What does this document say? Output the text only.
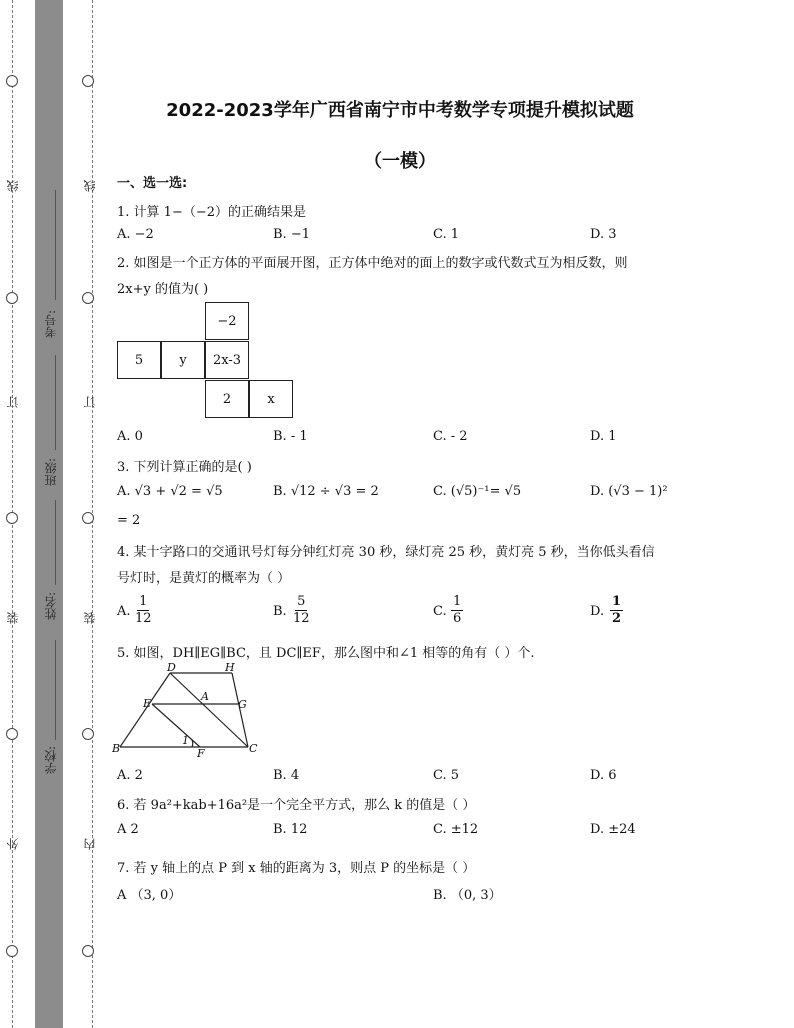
线
订
装
外
线
订
装
内
考号:
班级:
姓名:
学校:
2022-2023学年广西省南宁市中考数学专项提升模拟试题
（一模）
一、选一选:
1. 计算 1−（−2）的正确结果是
A. −2	B. −1	C. 1	D. 3
2. 如图是一个正方体的平面展开图，正方体中绝对的面上的数字或代数式互为相反数，则
2x+y 的值为( )
−2
5	y	2x-3
2	x
A. 0	B. ‐ 1	C. ‐ 2	D. 1
3. 下列计算正确的是( )
A. √3 + √2 = √5	B. √12 ÷ √3 = 2	C. (√5)⁻¹= √5	D. (√3 − 1)²
= 2
4. 某十字路口的交通讯号灯每分钟红灯亮 30 秒，绿灯亮 25 秒，黄灯亮 5 秒，当你低头看信
号灯时，是黄灯的概率为（ ）
A. $\frac{1}{12}$	B. $\frac{5}{12}$	C. $\frac{1}{6}$	D. $\frac{1}{2}$
5. 如图，DH∥EG∥BC，且 DC∥EF，那么图中和∠1 相等的角有（ ）个.
D	H
E
A
G
B
1
F	C
A. 2	B. 4	C. 5	D. 6
6. 若 9a²+kab+16a²是一个完全平方式，那么 k 的值是（ ）
A 2	B. 12	C. ±12	D. ±24
7. 若 y 轴上的点 P 到 x 轴的距离为 3，则点 P 的坐标是（ ）
A （3, 0）	B. （0, 3）
